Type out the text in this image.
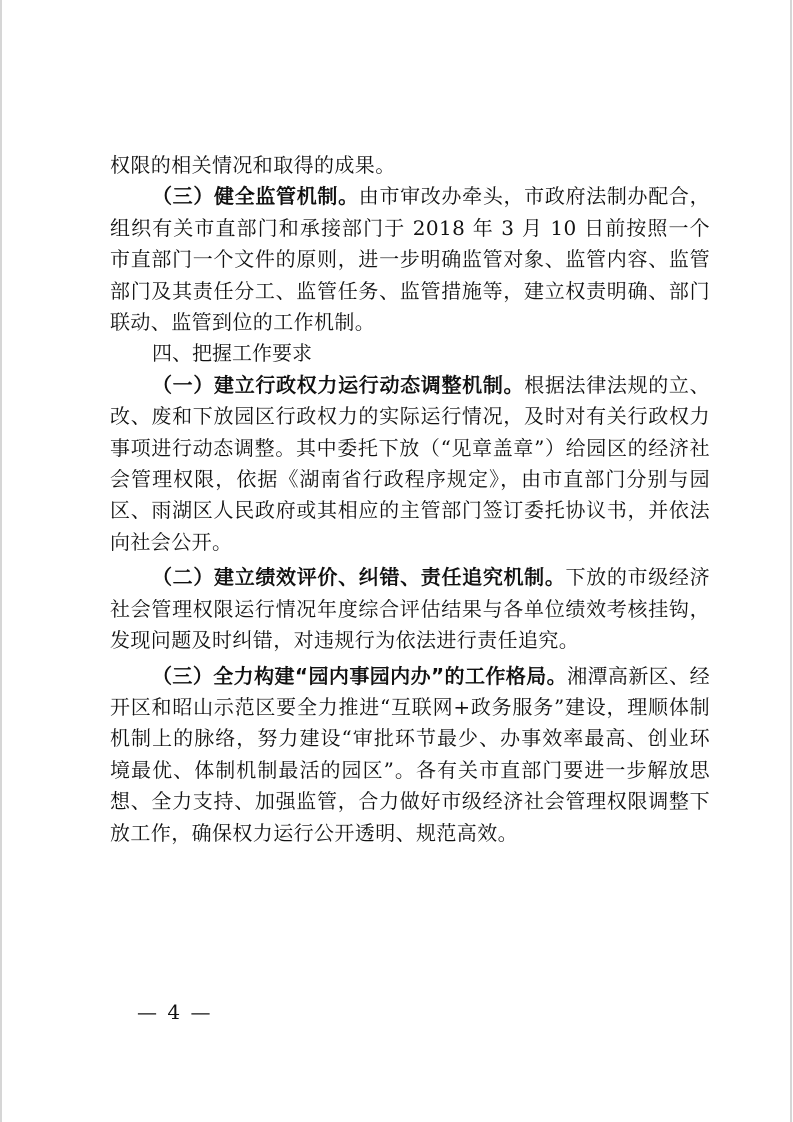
权限的相关情况和取得的成果。

（三）健全监管机制。由市审改办牵头，市政府法制办配合，组织有关市直部门和承接部门于 2018 年 3 月 10 日前按照一个市直部门一个文件的原则，进一步明确监管对象、监管内容、监管部门及其责任分工、监管任务、监管措施等，建立权责明确、部门联动、监管到位的工作机制。

四、把握工作要求

（一）建立行政权力运行动态调整机制。根据法律法规的立、改、废和下放园区行政权力的实际运行情况，及时对有关行政权力事项进行动态调整。其中委托下放（“见章盖章”）给园区的经济社会管理权限，依据《湖南省行政程序规定》，由市直部门分别与园区、雨湖区人民政府或其相应的主管部门签订委托协议书，并依法向社会公开。

（二）建立绩效评价、纠错、责任追究机制。下放的市级经济社会管理权限运行情况年度综合评估结果与各单位绩效考核挂钩，发现问题及时纠错，对违规行为依法进行责任追究。

（三）全力构建“园内事园内办”的工作格局。湘潭高新区、经开区和昭山示范区要全力推进“互联网+政务服务”建设，理顺体制机制上的脉络，努力建设“审批环节最少、办事效率最高、创业环境最优、体制机制最活的园区”。各有关市直部门要进一步解放思想、全力支持、加强监管，合力做好市级经济社会管理权限调整下放工作，确保权力运行公开透明、规范高效。

— 4 —
